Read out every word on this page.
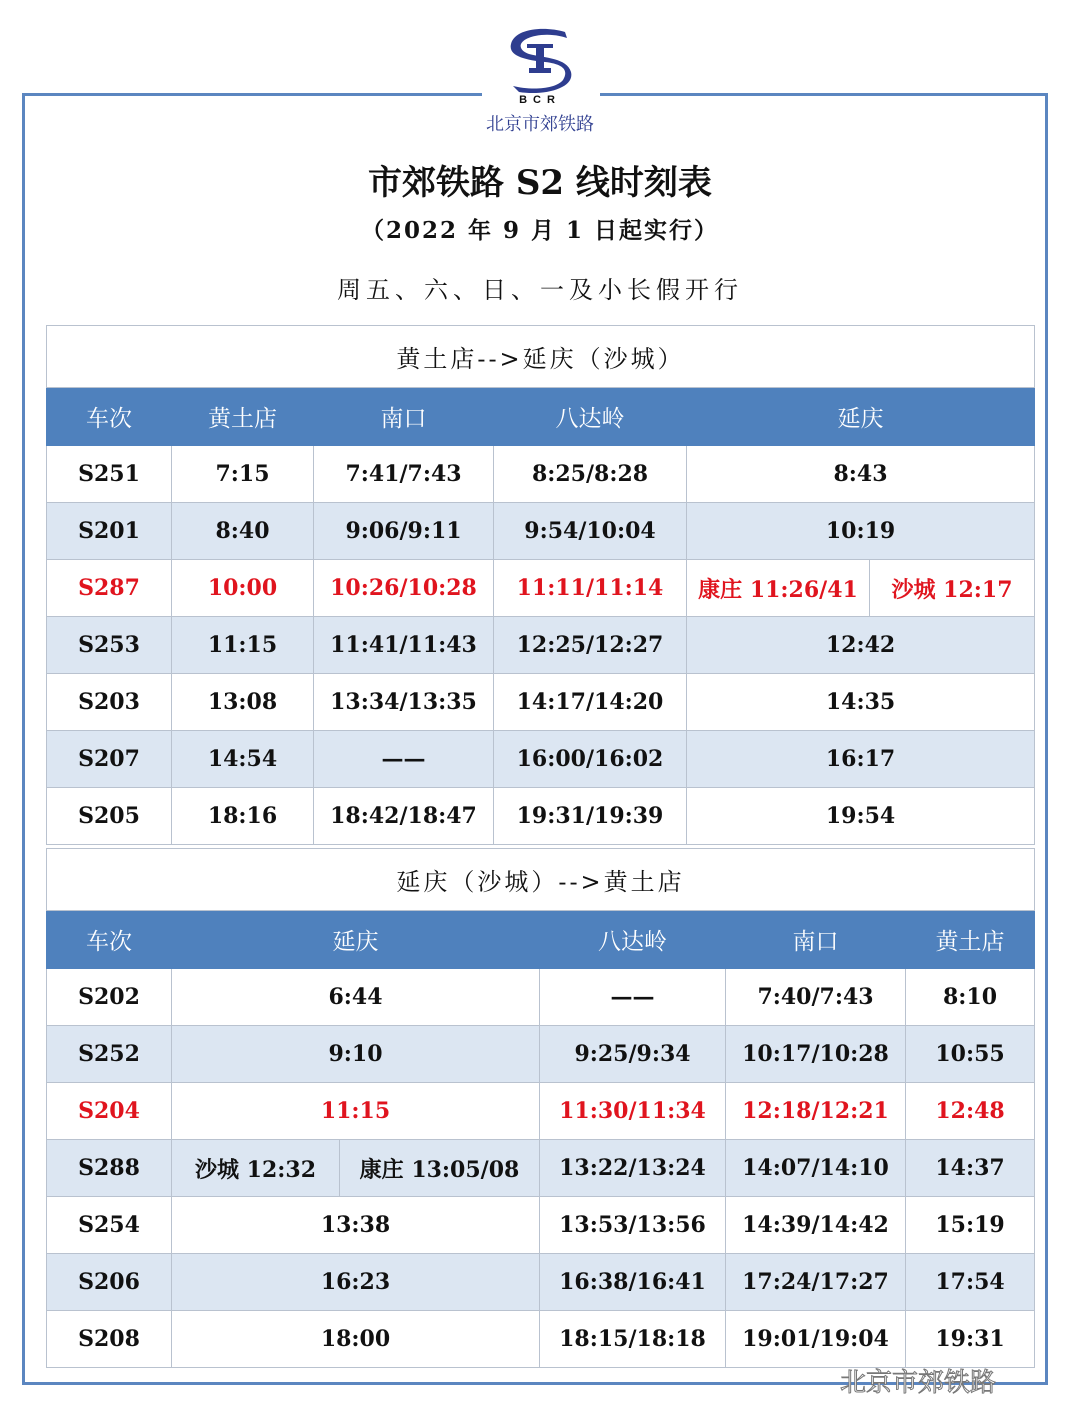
BCR
北京市郊铁路
市郊铁路 S2 线时刻表
（2022 年 9 月 1 日起实行）
周五、六、日、一及小长假开行
黄土店-->延庆（沙城）					
车次	黄土店	南口	八达岭	延庆	
S251	7:15	7:41/7:43	8:25/8:28	8:43	
S201	8:40	9:06/9:11	9:54/10:04	10:19	
S287	10:00	10:26/10:28	11:11/11:14	康庄 11:26/41	沙城 12:17
S253	11:15	11:41/11:43	12:25/12:27	12:42	
S203	13:08	13:34/13:35	14:17/14:20	14:35	
S207	14:54	——	16:00/16:02	16:17	
S205	18:16	18:42/18:47	19:31/19:39	19:54	
延庆（沙城）-->黄土店					
车次	延庆		八达岭	南口	黄土店
S202	6:44		——	7:40/7:43	8:10
S252	9:10		9:25/9:34	10:17/10:28	10:55
S204	11:15		11:30/11:34	12:18/12:21	12:48
S288	沙城 12:32	康庄 13:05/08	13:22/13:24	14:07/14:10	14:37
S254	13:38		13:53/13:56	14:39/14:42	15:19
S206	16:23		16:38/16:41	17:24/17:27	17:54
S208	18:00		18:15/18:18	19:01/19:04	19:31
北京市郊铁路
